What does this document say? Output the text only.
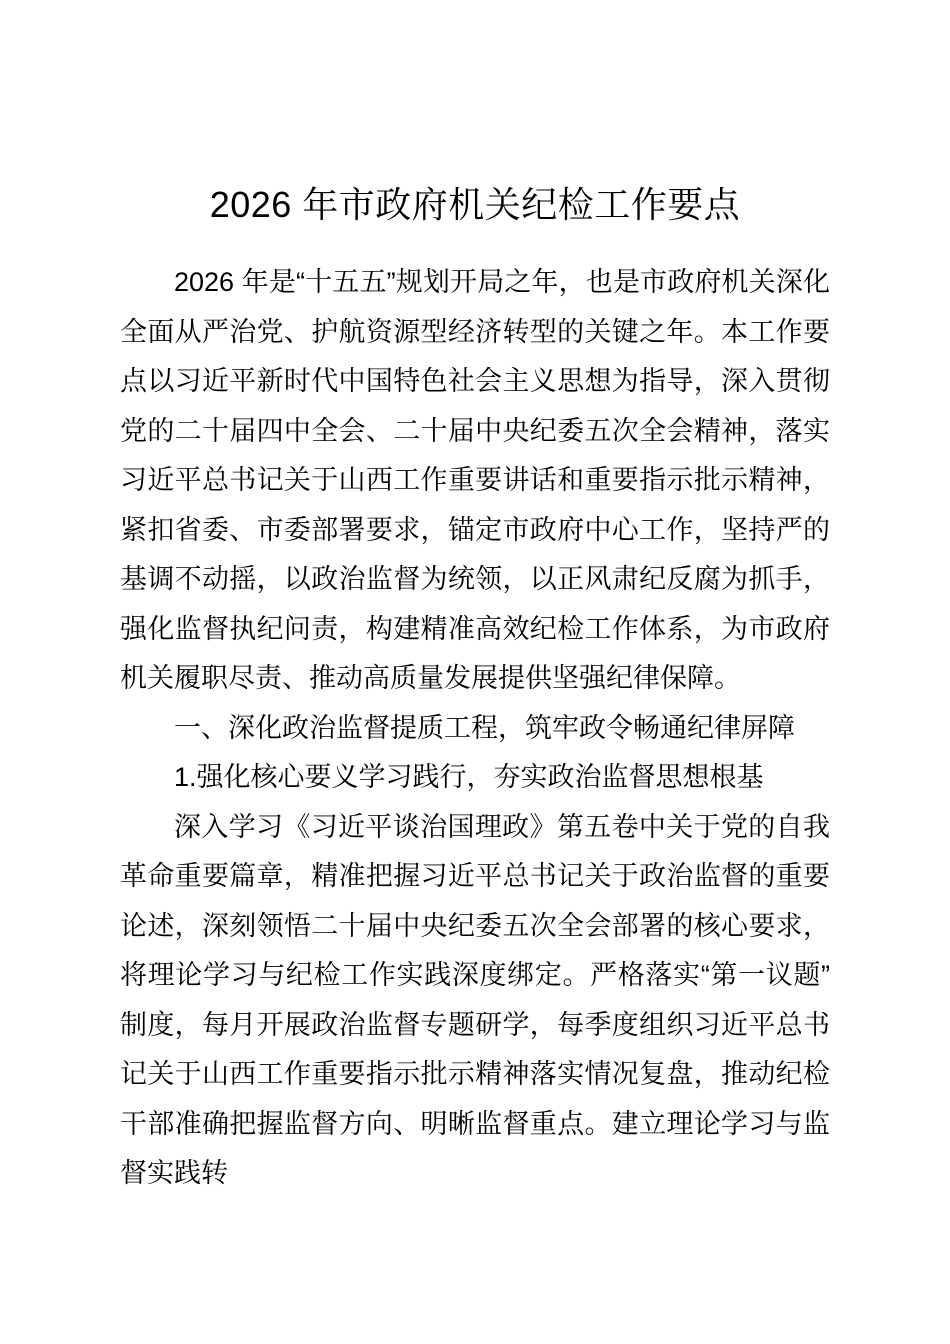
2026 年市政府机关纪检工作要点

2026 年是“十五五”规划开局之年，也是市政府机关深化全面从严治党、护航资源型经济转型的关键之年。本工作要点以习近平新时代中国特色社会主义思想为指导，深入贯彻党的二十届四中全会、二十届中央纪委五次全会精神，落实习近平总书记关于山西工作重要讲话和重要指示批示精神，紧扣省委、市委部署要求，锚定市政府中心工作，坚持严的基调不动摇，以政治监督为统领，以正风肃纪反腐为抓手，强化监督执纪问责，构建精准高效纪检工作体系，为市政府机关履职尽责、推动高质量发展提供坚强纪律保障。

一、深化政治监督提质工程，筑牢政令畅通纪律屏障

1.强化核心要义学习践行，夯实政治监督思想根基

深入学习《习近平谈治国理政》第五卷中关于党的自我革命重要篇章，精准把握习近平总书记关于政治监督的重要论述，深刻领悟二十届中央纪委五次全会部署的核心要求，将理论学习与纪检工作实践深度绑定。严格落实“第一议题”制度，每月开展政治监督专题研学，每季度组织习近平总书记关于山西工作重要指示批示精神落实情况复盘，推动纪检干部准确把握监督方向、明晰监督重点。建立理论学习与监督实践转
